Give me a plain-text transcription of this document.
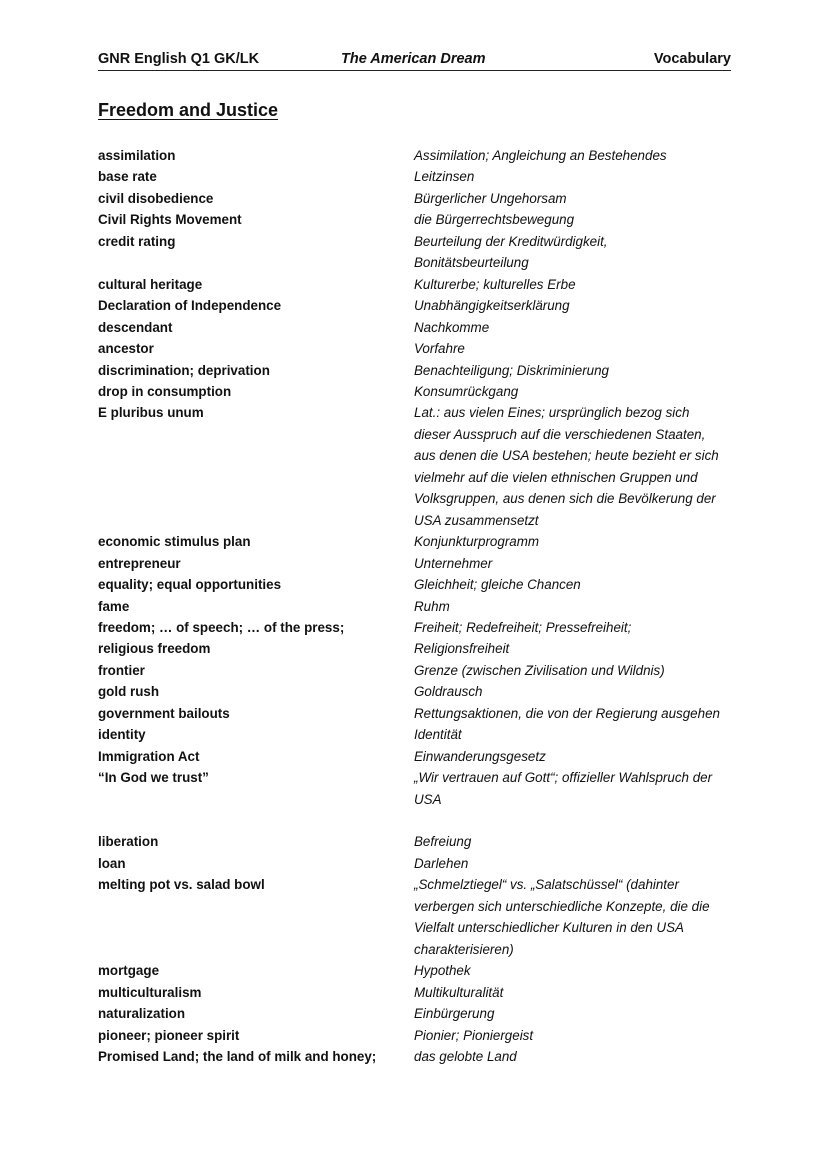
GNR English Q1 GK/LK	The American Dream	Vocabulary
Freedom and Justice
assimilation	Assimilation; Angleichung an Bestehendes
base rate	Leitzinsen
civil disobedience	Bürgerlicher Ungehorsam
Civil Rights Movement	die Bürgerrechtsbewegung
credit rating	Beurteilung der Kreditwürdigkeit, Bonitätsbeurteilung
cultural heritage	Kulturerbe; kulturelles Erbe
Declaration of Independence	Unabhängigkeitserklärung
descendant	Nachkomme
ancestor	Vorfahre
discrimination; deprivation	Benachteiligung; Diskriminierung
drop in consumption	Konsumrückgang
E pluribus unum	Lat.: aus vielen Eines; ursprünglich bezog sich dieser Ausspruch auf die verschiedenen Staaten, aus denen die USA bestehen; heute bezieht er sich vielmehr auf die vielen ethnischen Gruppen und Volksgruppen, aus denen sich die Bevölkerung der USA zusammensetzt
economic stimulus plan	Konjunkturprogramm
entrepreneur	Unternehmer
equality; equal opportunities	Gleichheit; gleiche Chancen
fame	Ruhm
freedom; … of speech; … of the press;	Freiheit; Redefreiheit; Pressefreiheit;
religious freedom	Religionsfreiheit
frontier	Grenze (zwischen Zivilisation und Wildnis)
gold rush	Goldrausch
government bailouts	Rettungsaktionen, die von der Regierung ausgehen
identity	Identität
Immigration Act	Einwanderungsgesetz
“In God we trust”	„Wir vertrauen auf Gott“; offizieller Wahlspruch der USA
liberation	Befreiung
loan	Darlehen
melting pot vs. salad bowl	„Schmelztiegel“ vs. „Salatschüssel“ (dahinter verbergen sich unterschiedliche Konzepte, die die Vielfalt unterschiedlicher Kulturen in den USA charakterisieren)
mortgage	Hypothek
multiculturalism	Multikulturalität
naturalization	Einbürgerung
pioneer; pioneer spirit	Pionier; Pioniergeist
Promised Land; the land of milk and honey;	das gelobte Land
